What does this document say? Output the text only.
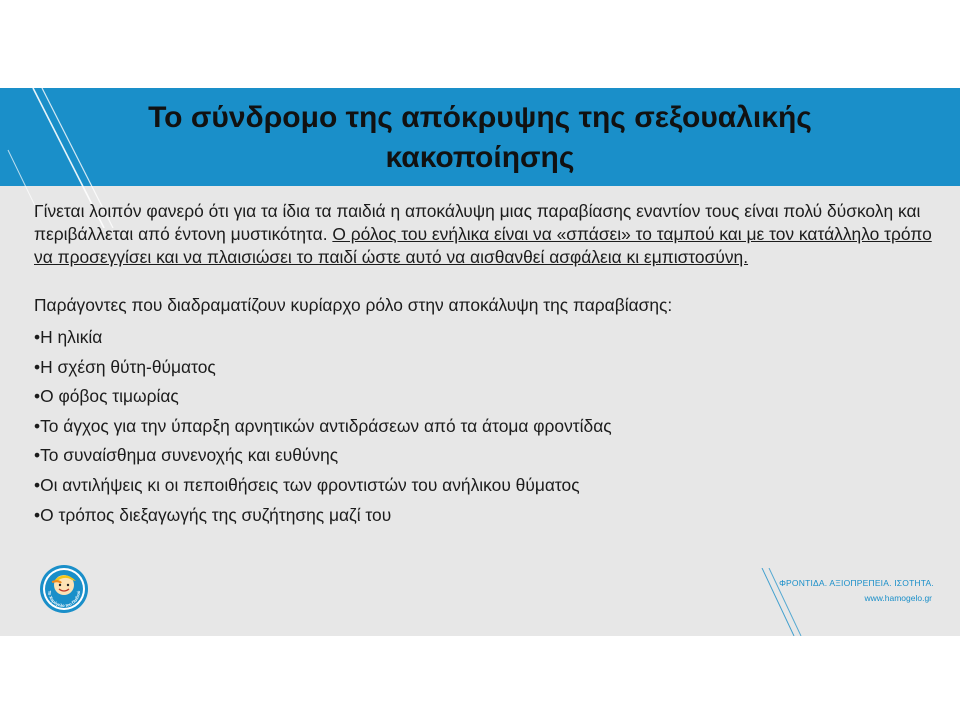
Το σύνδρομο της απόκρυψης της σεξουαλικής
κακοποίησης

Γίνεται λοιπόν φανερό ότι για τα ίδια τα παιδιά η αποκάλυψη μιας παραβίασης εναντίον τους είναι πολύ δύσκολη και περιβάλλεται από έντονη μυστικότητα. Ο ρόλος του ενήλικα είναι να «σπάσει» το ταμπού και με τον κατάλληλο τρόπο να προσεγγίσει και να πλαισιώσει το παιδί ώστε αυτό να αισθανθεί ασφάλεια κι εμπιστοσύνη.

Παράγοντες που διαδραματίζουν κυρίαρχο ρόλο στην αποκάλυψη της παραβίασης:

•Η ηλικία
•Η σχέση θύτη-θύματος
•Ο φόβος τιμωρίας
•Το άγχος για την ύπαρξη αρνητικών αντιδράσεων από τα άτομα φροντίδας
•Το συναίσθημα συνενοχής και ευθύνης
•Οι αντιλήψεις κι οι πεποιθήσεις των φροντιστών του ανήλικου θύματος
•Ο τρόπος διεξαγωγής της συζήτησης μαζί του
Το Χαμόγελο του Παιδιού
ΦΡΟΝΤΙΔΑ. ΑΞΙΟΠΡΕΠΕΙΑ. ΙΣΟΤΗΤΑ.
www.hamogelo.gr
